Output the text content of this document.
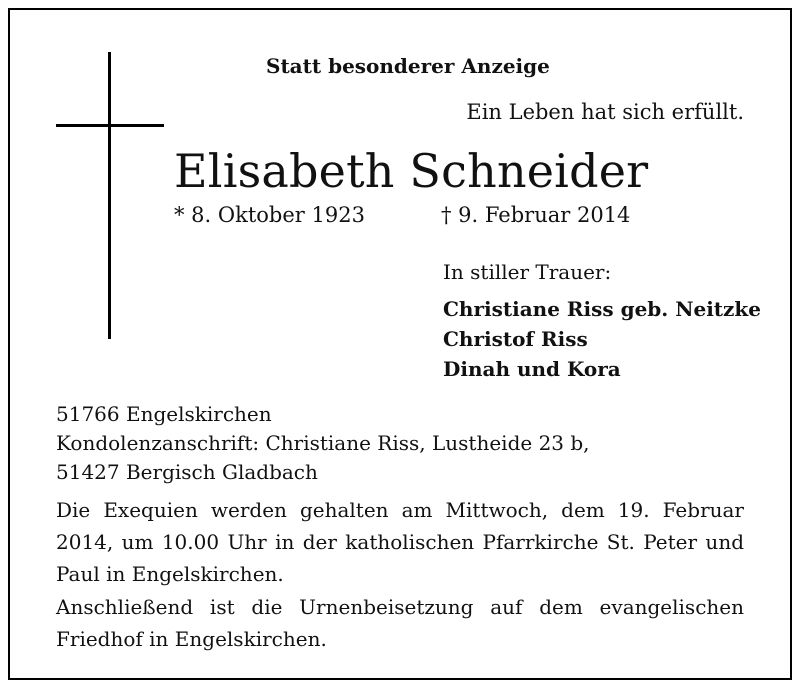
Statt besonderer Anzeige
Ein Leben hat sich erfüllt.
Elisabeth Schneider
* 8. Oktober 1923	† 9. Februar 2014
In stiller Trauer:
Christiane Riss geb. Neitzke
Christof Riss
Dinah und Kora
51766 Engelskirchen
Kondolenzanschrift: Christiane Riss, Lustheide 23 b,
51427 Bergisch Gladbach
Die Exequien werden gehalten am Mittwoch, dem 19. Februar 2014, um 10.00 Uhr in der katholischen Pfarrkirche St. Peter und Paul in Engelskirchen.
Anschließend ist die Urnenbeisetzung auf dem evangelischen Friedhof in Engelskirchen.
